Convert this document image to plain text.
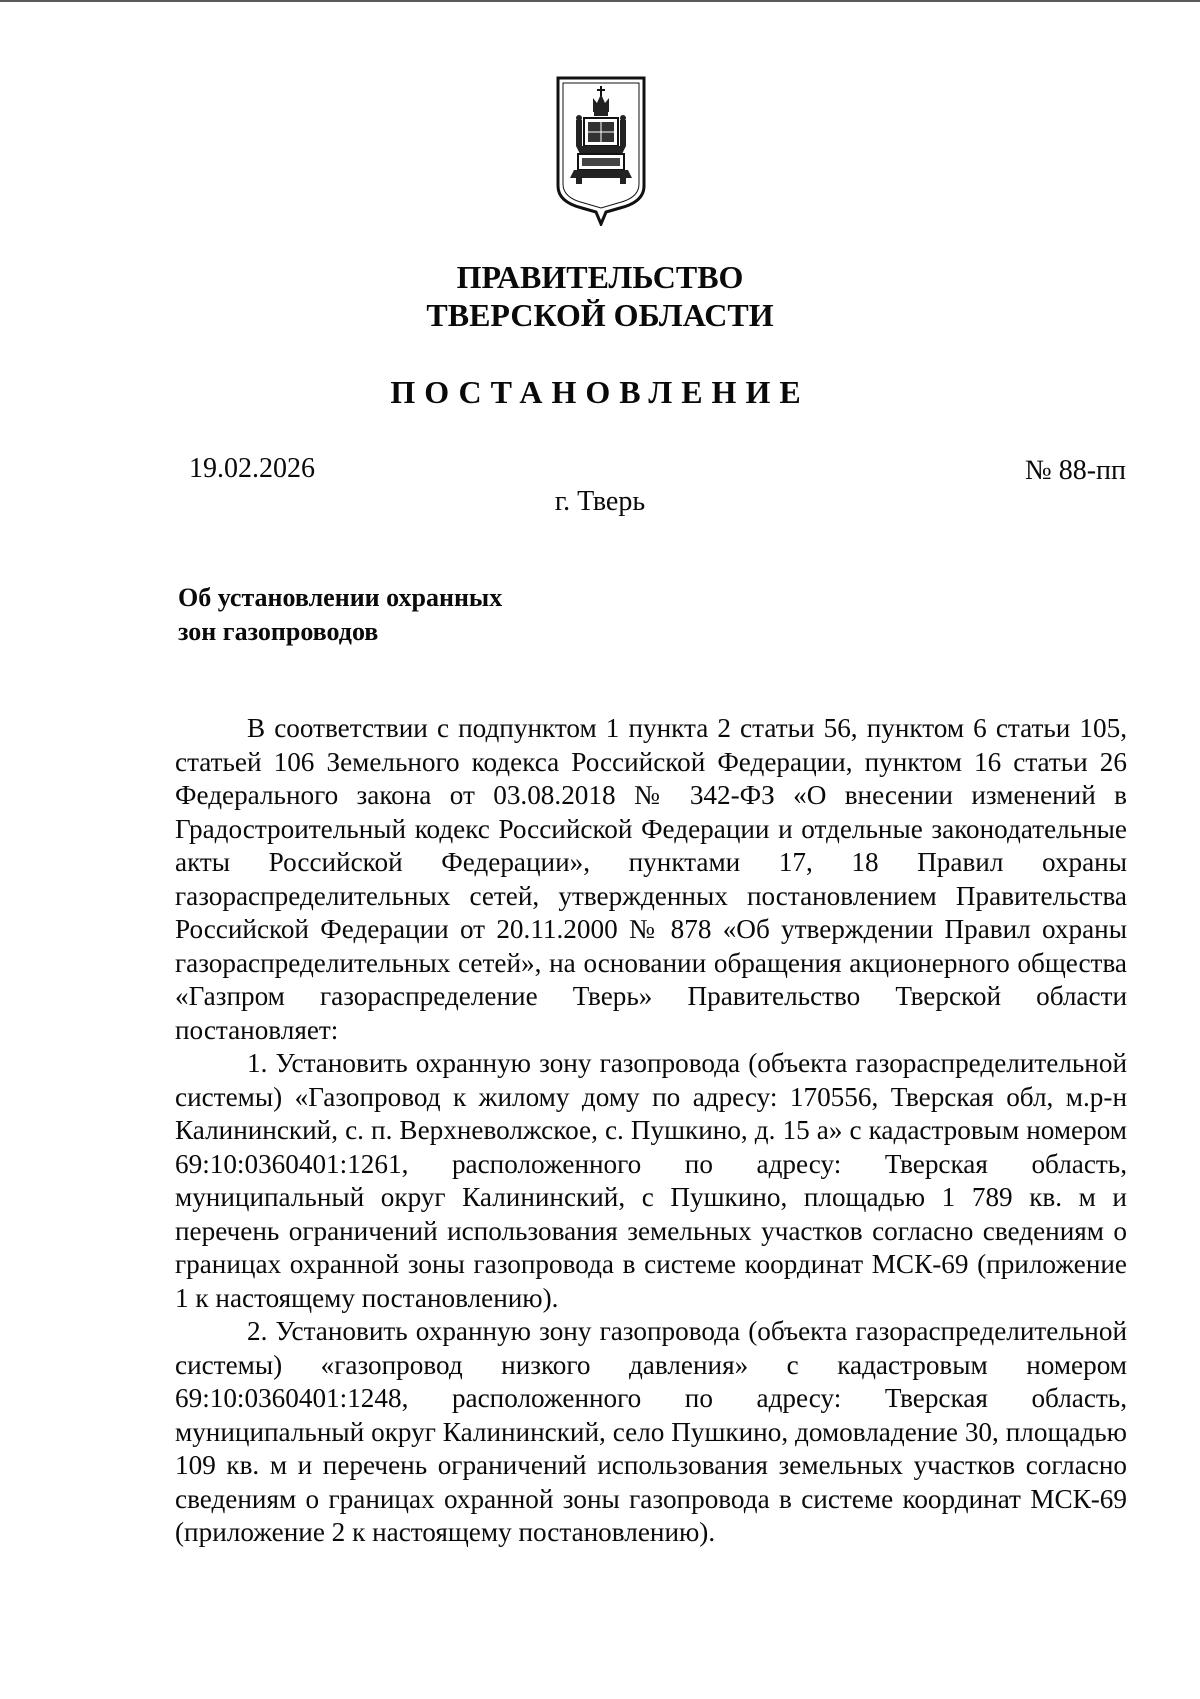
ПРАВИТЕЛЬСТВО
ТВЕРСКОЙ ОБЛАСТИ
ПОСТАНОВЛЕНИЕ
19.02.2026	№ 88-пп
г. Тверь
Об установлении охранных
зон газопроводов

В соответствии с подпунктом 1 пункта 2 статьи 56, пунктом 6 статьи 105, статьей 106 Земельного кодекса Российской Федерации, пунктом 16 статьи 26 Федерального закона от 03.08.2018 № 342-ФЗ «О внесении изменений в Градостроительный кодекс Российской Федерации и отдельные законодательные акты Российской Федерации», пунктами 17, 18 Правил охраны газораспределительных сетей, утвержденных постановлением Правительства Российской Федерации от 20.11.2000 № 878 «Об утверждении Правил охраны газораспределительных сетей», на основании обращения акционерного общества «Газпром газораспределение Тверь» Правительство Тверской области постановляет:

1. Установить охранную зону газопровода (объекта газораспределительной системы) «Газопровод к жилому дому по адресу: 170556, Тверская обл, м.р-н Калининский, с. п. Верхневолжское, с. Пушкино, д. 15 а» с кадастровым номером 69:10:0360401:1261, расположенного по адресу: Тверская область, муниципальный округ Калининский, с Пушкино, площадью 1 789 кв. м и перечень ограничений использования земельных участков согласно сведениям о границах охранной зоны газопровода в системе координат МСК-69 (приложение 1 к настоящему постановлению).

2. Установить охранную зону газопровода (объекта газораспределительной системы) «газопровод низкого давления» с кадастровым номером 69:10:0360401:1248, расположенного по адресу: Тверская область, муниципальный округ Калининский, село Пушкино, домовладение 30, площадью 109 кв. м и перечень ограничений использования земельных участков согласно сведениям о границах охранной зоны газопровода в системе координат МСК-69 (приложение 2 к настоящему постановлению).
